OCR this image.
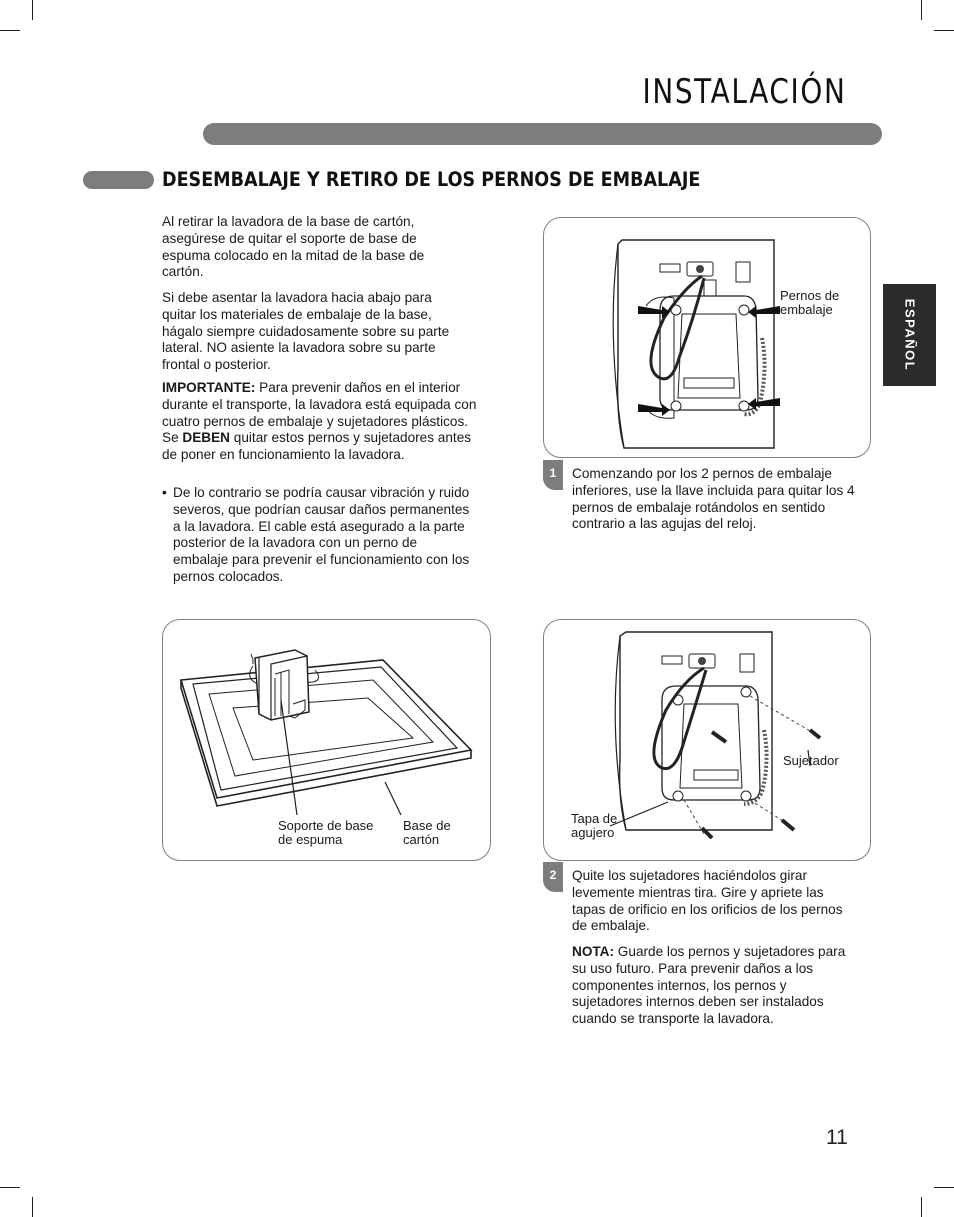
INSTALACIÓN
DESEMBALAJE Y RETIRO DE LOS PERNOS DE EMBALAJE
ESPAÑOL

Al retirar la lavadora de la base de cartón, asegúrese de quitar el soporte de base de espuma colocado en la mitad de la base de cartón.

Si debe asentar la lavadora hacia abajo para quitar los materiales de embalaje de la base, hágalo siempre cuidadosamente sobre su parte lateral. NO asiente la lavadora sobre su parte frontal o posterior.

IMPORTANTE: Para prevenir daños en el interior durante el transporte, la lavadora está equipada con cuatro pernos de embalaje y sujetadores plásticos. Se DEBEN quitar estos pernos y sujetadores antes de poner en funcionamiento la lavadora.

• De lo contrario se podría causar vibración y ruido severos, que podrían causar daños permanentes a la lavadora. El cable está asegurado a la parte posterior de la lavadora con un perno de embalaje para prevenir el funcionamiento con los pernos colocados.

Pernos de embalaje
1	Comenzando por los 2 pernos de embalaje inferiores, use la llave incluida para quitar los 4 pernos de embalaje rotándolos en sentido contrario a las agujas del reloj.

Soporte de base de espuma
Base de cartón
Sujetador
Tapa de agujero
2	Quite los sujetadores haciéndolos girar levemente mientras tira. Gire y apriete las tapas de orificio en los orificios de los pernos de embalaje.

NOTA: Guarde los pernos y sujetadores para su uso futuro. Para prevenir daños a los componentes internos, los pernos y sujetadores internos deben ser instalados cuando se transporte la lavadora.

11
